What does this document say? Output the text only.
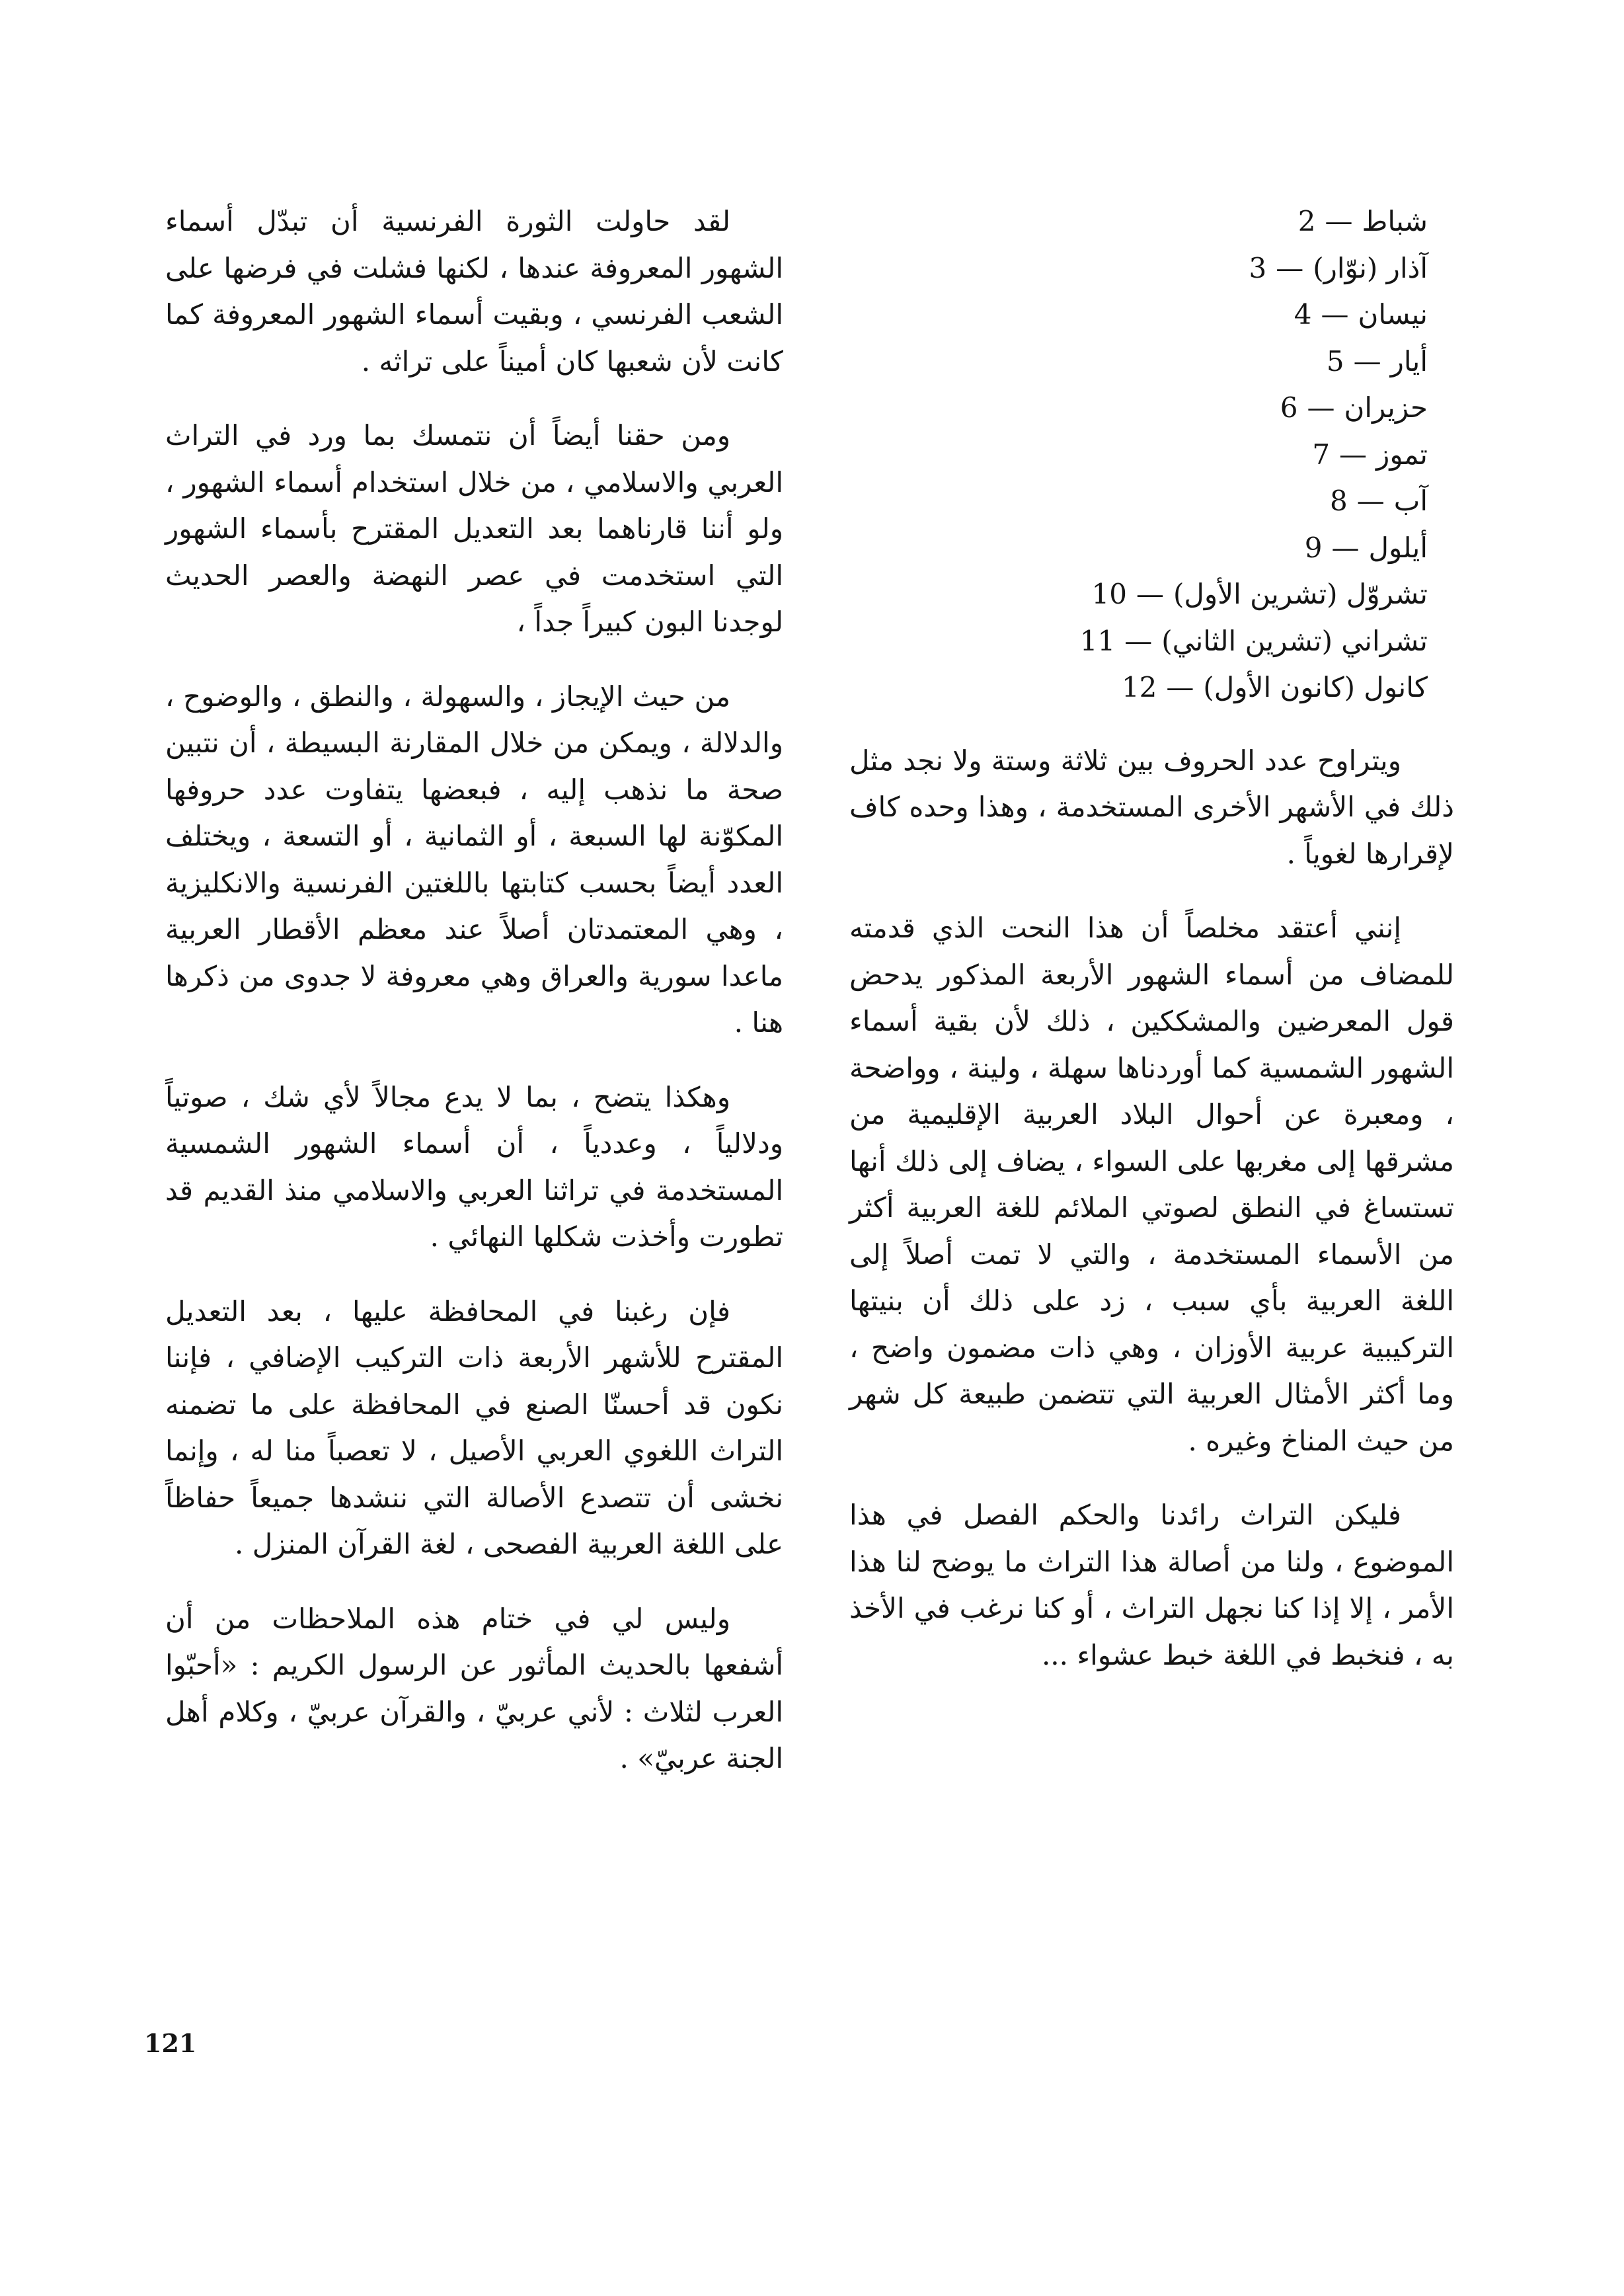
شباط—2
آذار (نوّار)—3
نيسان—4
أيار—5
حزيران—6
تموز—7
آب—8
أيلول—9
تشروّل (تشرين الأول)—10
تشراني (تشرين الثاني)—11
كانول (كانون الأول)—12

ويتراوح عدد الحروف بين ثلاثة وستة ولا نجد مثل ذلك في الأشهر الأخرى المستخدمة ، وهذا وحده كاف لإقرارها لغوياً .

إنني أعتقد مخلصاً أن هذا النحت الذي قدمته للمضاف من أسماء الشهور الأربعة المذكور يدحض قول المعرضين والمشككين ، ذلك لأن بقية أسماء الشهور الشمسية كما أوردناها سهلة ، ولينة ، وواضحة ، ومعبرة عن أحوال البلاد العربية الإقليمية من مشرقها إلى مغربها على السواء ، يضاف إلى ذلك أنها تستساغ في النطق لصوتي الملائم للغة العربية أكثر من الأسماء المستخدمة ، والتي لا تمت أصلاً إلى اللغة العربية بأي سبب ، زد على ذلك أن بنيتها التركيبية عربية الأوزان ، وهي ذات مضمون واضح ، وما أكثر الأمثال العربية التي تتضمن طبيعة كل شهر من حيث المناخ وغيره .

فليكن التراث رائدنا والحكم الفصل في هذا الموضوع ، ولنا من أصالة هذا التراث ما يوضح لنا هذا الأمر ، إلا إذا كنا نجهل التراث ، أو كنا نرغب في الأخذ به ، فنخبط في اللغة خبط عشواء ...

لقد حاولت الثورة الفرنسية أن تبدّل أسماء الشهور المعروفة عندها ، لكنها فشلت في فرضها على الشعب الفرنسي ، وبقيت أسماء الشهور المعروفة كما كانت لأن شعبها كان أميناً على تراثه .

ومن حقنا أيضاً أن نتمسك بما ورد في التراث العربي والاسلامي ، من خلال استخدام أسماء الشهور ، ولو أننا قارناهما بعد التعديل المقترح بأسماء الشهور التي استخدمت في عصر النهضة والعصر الحديث لوجدنا البون كبيراً جداً ،

من حيث الإيجاز ، والسهولة ، والنطق ، والوضوح ، والدلالة ، ويمكن من خلال المقارنة البسيطة ، أن نتبين صحة ما نذهب إليه ، فبعضها يتفاوت عدد حروفها المكوّنة لها السبعة ، أو الثمانية ، أو التسعة ، ويختلف العدد أيضاً بحسب كتابتها باللغتين الفرنسية والانكليزية ، وهي المعتمدتان أصلاً عند معظم الأقطار العربية ماعدا سورية والعراق وهي معروفة لا جدوى من ذكرها هنا .

وهكذا يتضح ، بما لا يدع مجالاً لأي شك ، صوتياً ودلالياً ، وعددياً ، أن أسماء الشهور الشمسية المستخدمة في تراثنا العربي والاسلامي منذ القديم قد تطورت وأخذت شكلها النهائي .

فإن رغبنا في المحافظة عليها ، بعد التعديل المقترح للأشهر الأربعة ذات التركيب الإضافي ، فإننا نكون قد أحسنّا الصنع في المحافظة على ما تضمنه التراث اللغوي العربي الأصيل ، لا تعصباً منا له ، وإنما نخشى أن تتصدع الأصالة التي ننشدها جميعاً حفاظاً على اللغة العربية الفصحى ، لغة القرآن المنزل .

وليس لي في ختام هذه الملاحظات من أن أشفعها بالحديث المأثور عن الرسول الكريم : «أحبّوا العرب لثلاث : لأني عربيّ ، والقرآن عربيّ ، وكلام أهل الجنة عربيّ» .

121
